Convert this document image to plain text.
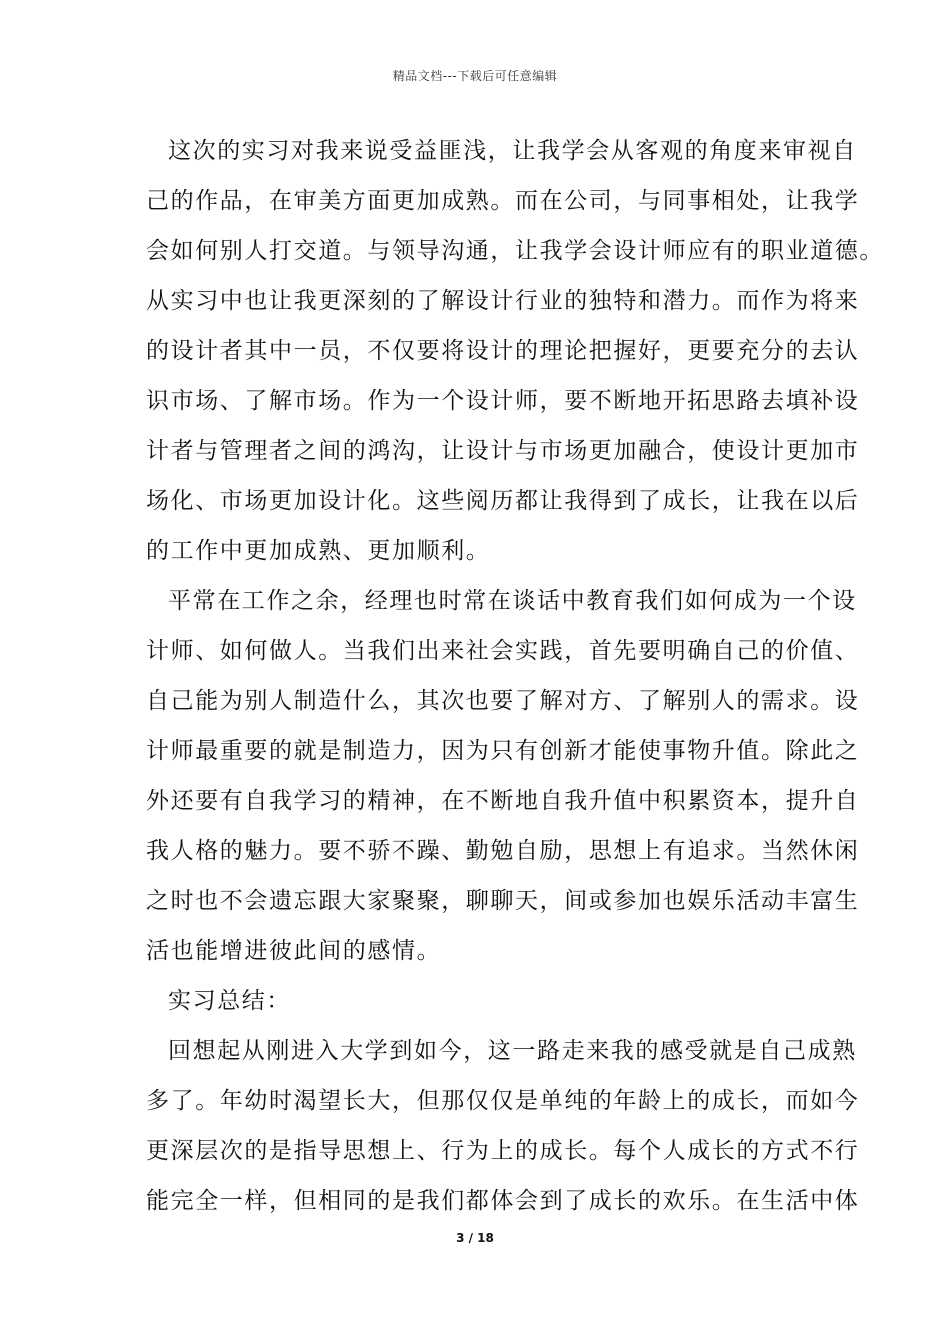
精品文档---下载后可任意编辑
这次的实习对我来说受益匪浅，让我学会从客观的角度来审视自
己的作品，在审美方面更加成熟。而在公司，与同事相处，让我学
会如何别人打交道。与领导沟通，让我学会设计师应有的职业道德。
从实习中也让我更深刻的了解设计行业的独特和潜力。而作为将来
的设计者其中一员，不仅要将设计的理论把握好，更要充分的去认
识市场、了解市场。作为一个设计师，要不断地开拓思路去填补设
计者与管理者之间的鸿沟，让设计与市场更加融合，使设计更加市
场化、市场更加设计化。这些阅历都让我得到了成长，让我在以后
的工作中更加成熟、更加顺利。
平常在工作之余，经理也时常在谈话中教育我们如何成为一个设
计师、如何做人。当我们出来社会实践，首先要明确自己的价值、
自己能为别人制造什么，其次也要了解对方、了解别人的需求。设
计师最重要的就是制造力，因为只有创新才能使事物升值。除此之
外还要有自我学习的精神，在不断地自我升值中积累资本，提升自
我人格的魅力。要不骄不躁、勤勉自励，思想上有追求。当然休闲
之时也不会遗忘跟大家聚聚，聊聊天，间或参加也娱乐活动丰富生
活也能增进彼此间的感情。
实习总结：
回想起从刚进入大学到如今，这一路走来我的感受就是自己成熟
多了。年幼时渴望长大，但那仅仅是单纯的年龄上的成长，而如今
更深层次的是指导思想上、行为上的成长。每个人成长的方式不行
能完全一样，但相同的是我们都体会到了成长的欢乐。在生活中体
3 / 18
